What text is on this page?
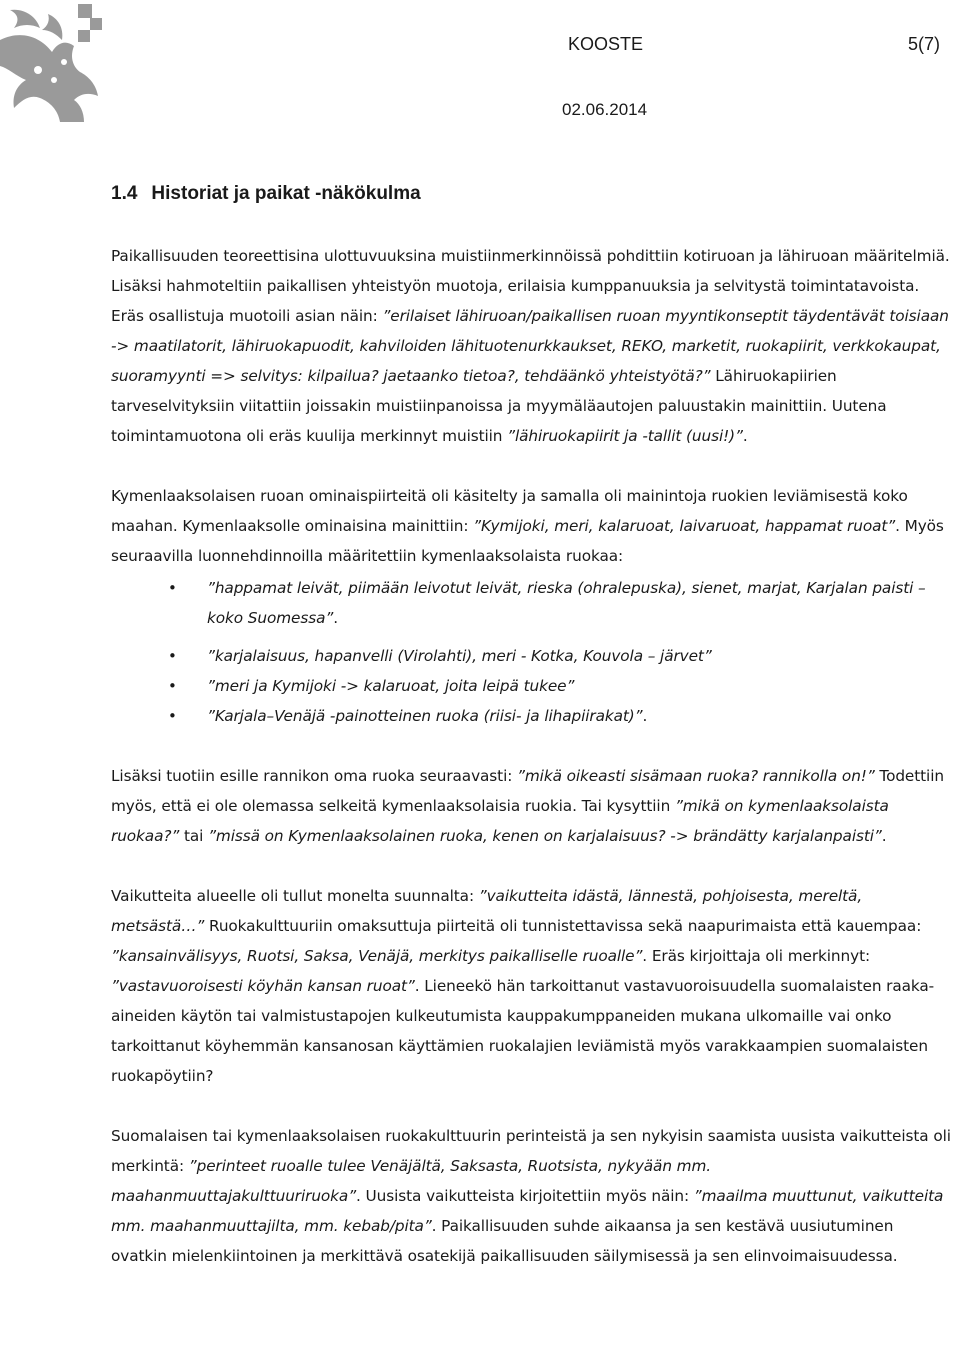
KOOSTE	5(7)
02.06.2014
1.4 Historiat ja paikat -näkökulma

Paikallisuuden teoreettisina ulottuvuuksina muistiinmerkinnöissä pohdittiin kotiruoan ja lähiruoan määritelmiä. Lisäksi hahmoteltiin paikallisen yhteistyön muotoja, erilaisia kumppanuuksia ja selvitystä toimintatavoista. Eräs osallistuja muotoili asian näin: ”erilaiset lähiruoan/paikallisen ruoan myyntikonseptit täydentävät toisiaan -> maatilatorit, lähiruokapuodit, kahviloiden lähituotenurkkaukset, REKO, marketit, ruokapiirit, verkkokaupat, suoramyynti => selvitys: kilpailua? jaetaanko tietoa?, tehdäänkö yhteistyötä?” Lähiruokapiirien tarveselvityksiin viitattiin joissakin muistiinpanoissa ja myymäläautojen paluustakin mainittiin. Uutena toimintamuotona oli eräs kuulija merkinnyt muistiin ”lähiruokapiirit ja -tallit (uusi!)”.

Kymenlaaksolaisen ruoan ominaispiirteitä oli käsitelty ja samalla oli mainintoja ruokien leviämisestä koko maahan. Kymenlaaksolle ominaisina mainittiin: ”Kymijoki, meri, kalaruoat, laivaruoat, happamat ruoat”. Myös seuraavilla luonnehdinnoilla määritettiin kymenlaaksolaista ruokaa:

• ”happamat leivät, piimään leivotut leivät, rieska (ohralepuska), sienet, marjat, Karjalan paisti – koko Suomessa”.
• ”karjalaisuus, hapanvelli (Virolahti), meri - Kotka, Kouvola – järvet”
• ”meri ja Kymijoki -> kalaruoat, joita leipä tukee”
• ”Karjala–Venäjä -painotteinen ruoka (riisi- ja lihapiirakat)”.

Lisäksi tuotiin esille rannikon oma ruoka seuraavasti: ”mikä oikeasti sisämaan ruoka? rannikolla on!” Todettiin myös, että ei ole olemassa selkeitä kymenlaaksolaisia ruokia. Tai kysyttiin ”mikä on kymenlaaksolaista ruokaa?” tai ”missä on Kymenlaaksolainen ruoka, kenen on karjalaisuus? -> brändätty karjalanpaisti”.

Vaikutteita alueelle oli tullut monelta suunnalta: ”vaikutteita idästä, lännestä, pohjoisesta, mereltä, metsästä…” Ruokakulttuuriin omaksuttuja piirteitä oli tunnistettavissa sekä naapurimaista että kauempaa: ”kansainvälisyys, Ruotsi, Saksa, Venäjä, merkitys paikalliselle ruoalle”. Eräs kirjoittaja oli merkinnyt: ”vastavuoroisesti köyhän kansan ruoat”. Lieneekö hän tarkoittanut vastavuoroisuudella suomalaisten raaka-aineiden käytön tai valmistustapojen kulkeutumista kauppakumppaneiden mukana ulkomaille vai onko tarkoittanut köyhemmän kansanosan käyttämien ruokalajien leviämistä myös varakkaampien suomalaisten ruokapöytiin?

Suomalaisen tai kymenlaaksolaisen ruokakulttuurin perinteistä ja sen nykyisin saamista uusista vaikutteista oli merkintä: ”perinteet ruoalle tulee Venäjältä, Saksasta, Ruotsista, nykyään mm. maahanmuuttajakulttuuriruoka”. Uusista vaikutteista kirjoitettiin myös näin: ”maailma muuttunut, vaikutteita mm. maahanmuuttajilta, mm. kebab/pita”. Paikallisuuden suhde aikaansa ja sen kestävä uusiutuminen ovatkin mielenkiintoinen ja merkittävä osatekijä paikallisuuden säilymisessä ja sen elinvoimaisuudessa.
